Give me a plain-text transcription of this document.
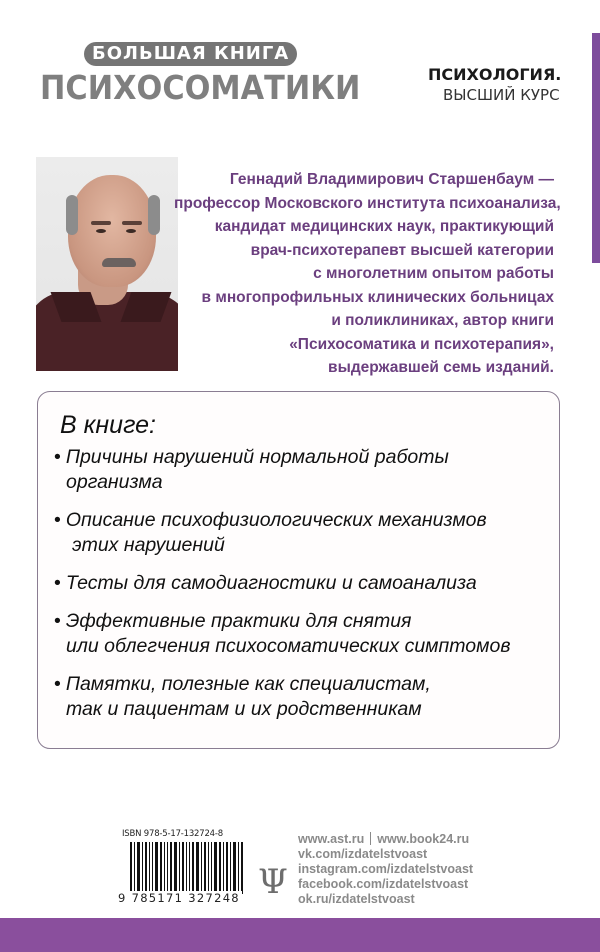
БОЛЬШАЯ КНИГА
ПСИХОСОМАТИКИ	ПСИХОЛОГИЯ.
ВЫСШИЙ КУРС
Геннадий Владимирович Старшенбаум —
профессор Московского института психоанализа,
кандидат медицинских наук, практикующий
врач-психотерапевт высшей категории
с многолетним опытом работы
в многопрофильных клинических больницах
и поликлиниках, автор книги
«Психосоматика и психотерапия»,
выдержавшей семь изданий.
В книге:
• Причины нарушений нормальной работы
организма
• Описание психофизиологических механизмов
этих нарушений
• Тесты для самодиагностики и самоанализа
• Эффективные практики для снятия
или облегчения психосоматических симптомов
• Памятки, полезные как специалистам,
так и пациентам и их родственникам
ISBN 978-5-17-132724-8
9 785171 327248 Ψ
www.ast.ru www.book24.ru
vk.com/izdatelstvoast
instagram.com/izdatelstvoast
facebook.com/izdatelstvoast
ok.ru/izdatelstvoast
